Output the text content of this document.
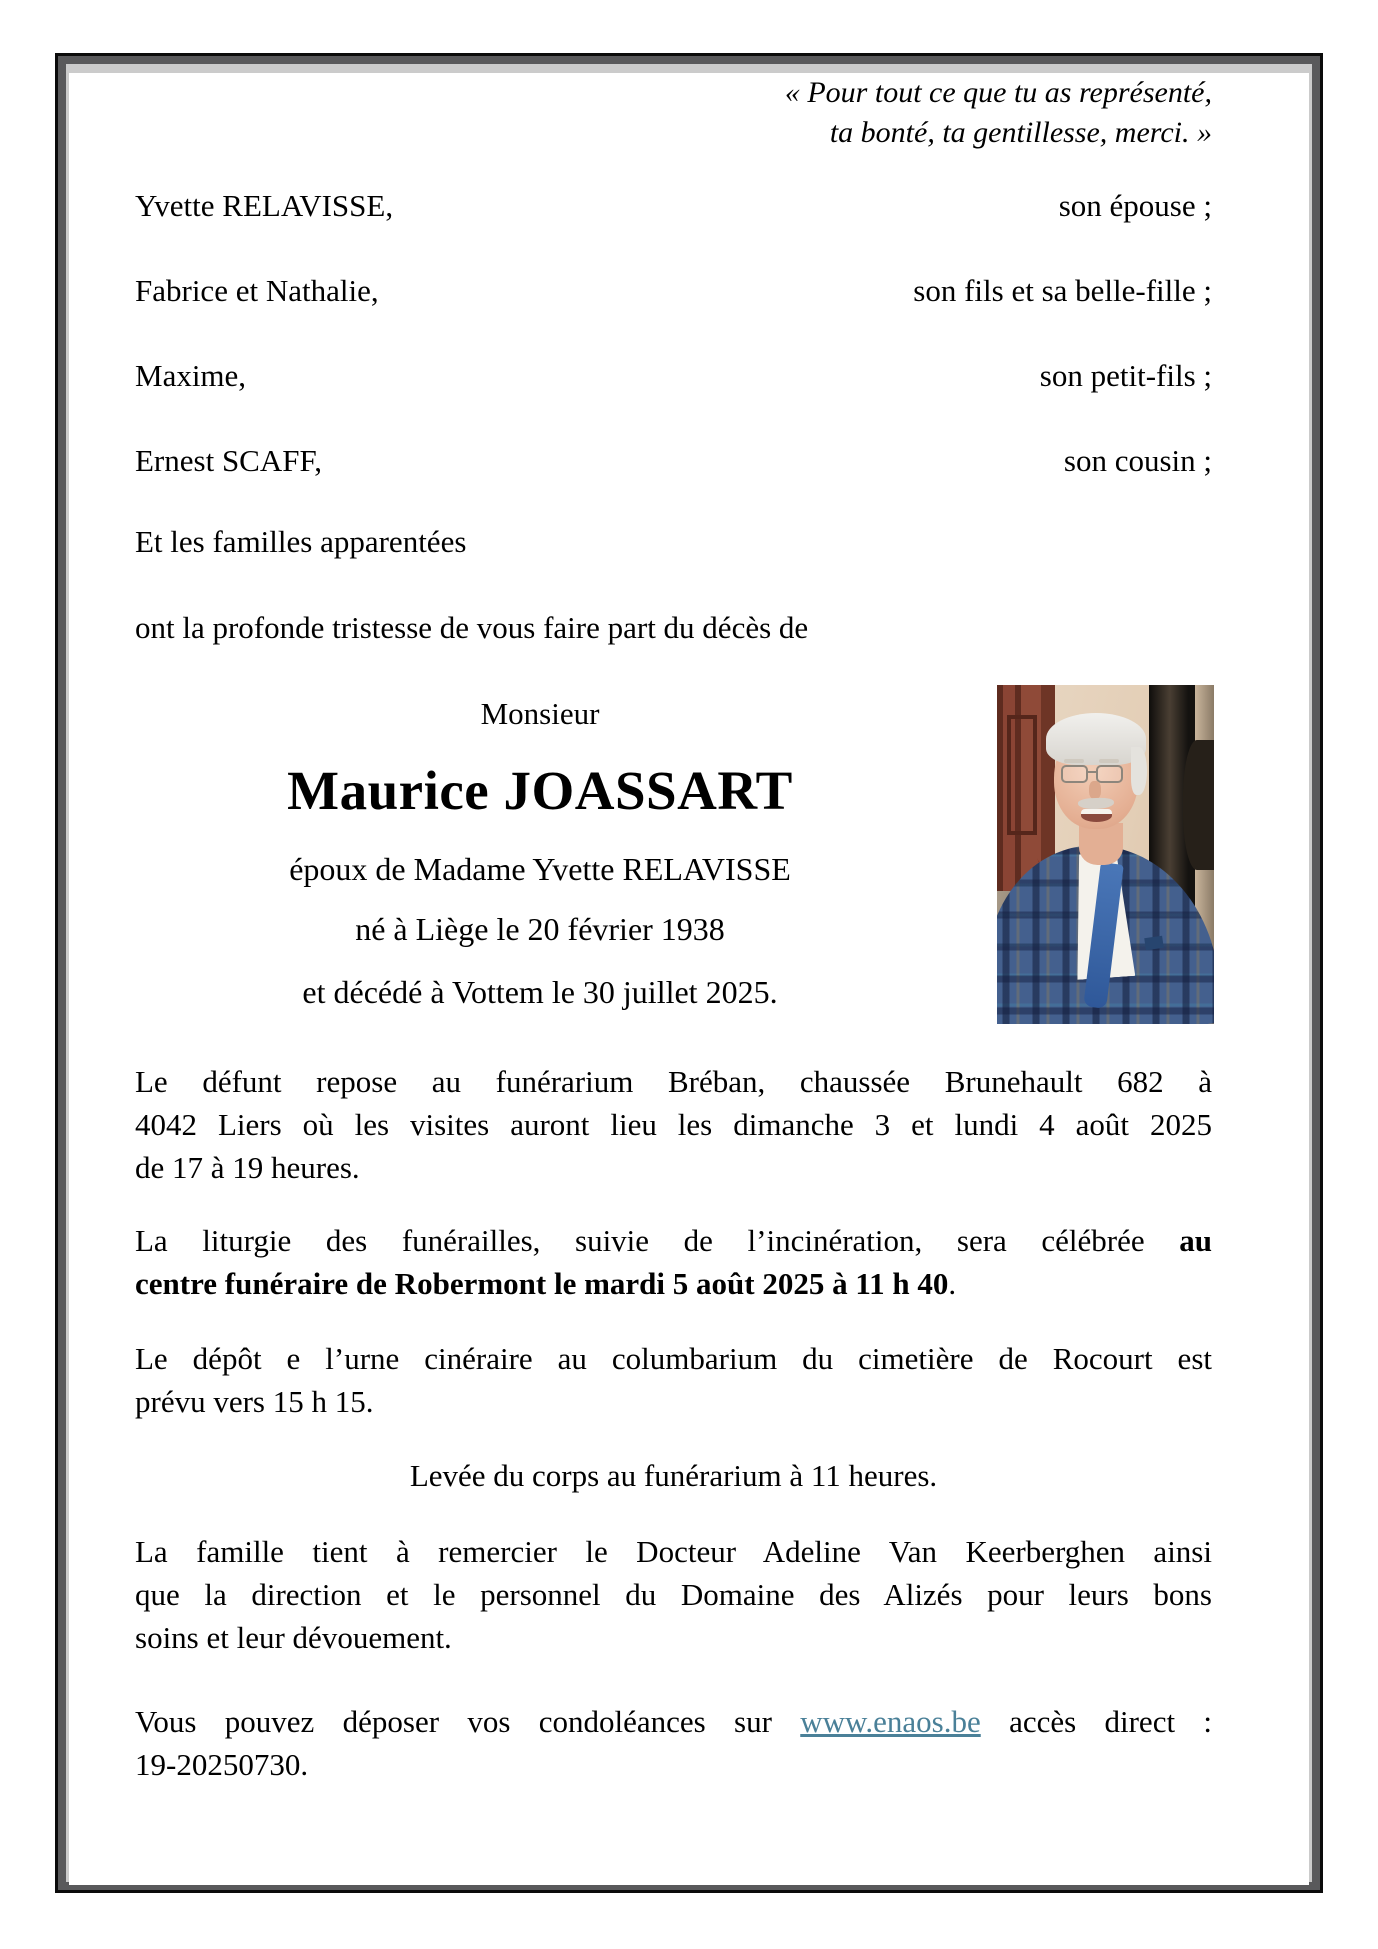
« Pour tout ce que tu as représenté,
ta bonté, ta gentillesse, merci. »
Yvette RELAVISSE,	son épouse ;
Fabrice et Nathalie,	son fils et sa belle-fille ;
Maxime,	son petit-fils ;
Ernest SCAFF,	son cousin ;
Et les familles apparentées
ont la profonde tristesse de vous faire part du décès de
Monsieur
Maurice JOASSART
époux de Madame Yvette RELAVISSE
né à Liège le 20 février 1938
et décédé à Vottem le 30 juillet 2025.
Le défunt repose au funérarium Bréban, chaussée Brunehault 682 à
4042 Liers où les visites auront lieu les dimanche 3 et lundi 4 août 2025
de 17 à 19 heures.
La liturgie des funérailles, suivie de l’incinération, sera célébrée au
centre funéraire de Robermont le mardi 5 août 2025 à 11 h 40.
Le dépôt e l’urne cinéraire au columbarium du cimetière de Rocourt est
prévu vers 15 h 15.
Levée du corps au funérarium à 11 heures.
La famille tient à remercier le Docteur Adeline Van Keerberghen ainsi
que la direction et le personnel du Domaine des Alizés pour leurs bons
soins et leur dévouement.
Vous pouvez déposer vos condoléances sur www.enaos.be accès direct :
19-20250730.
